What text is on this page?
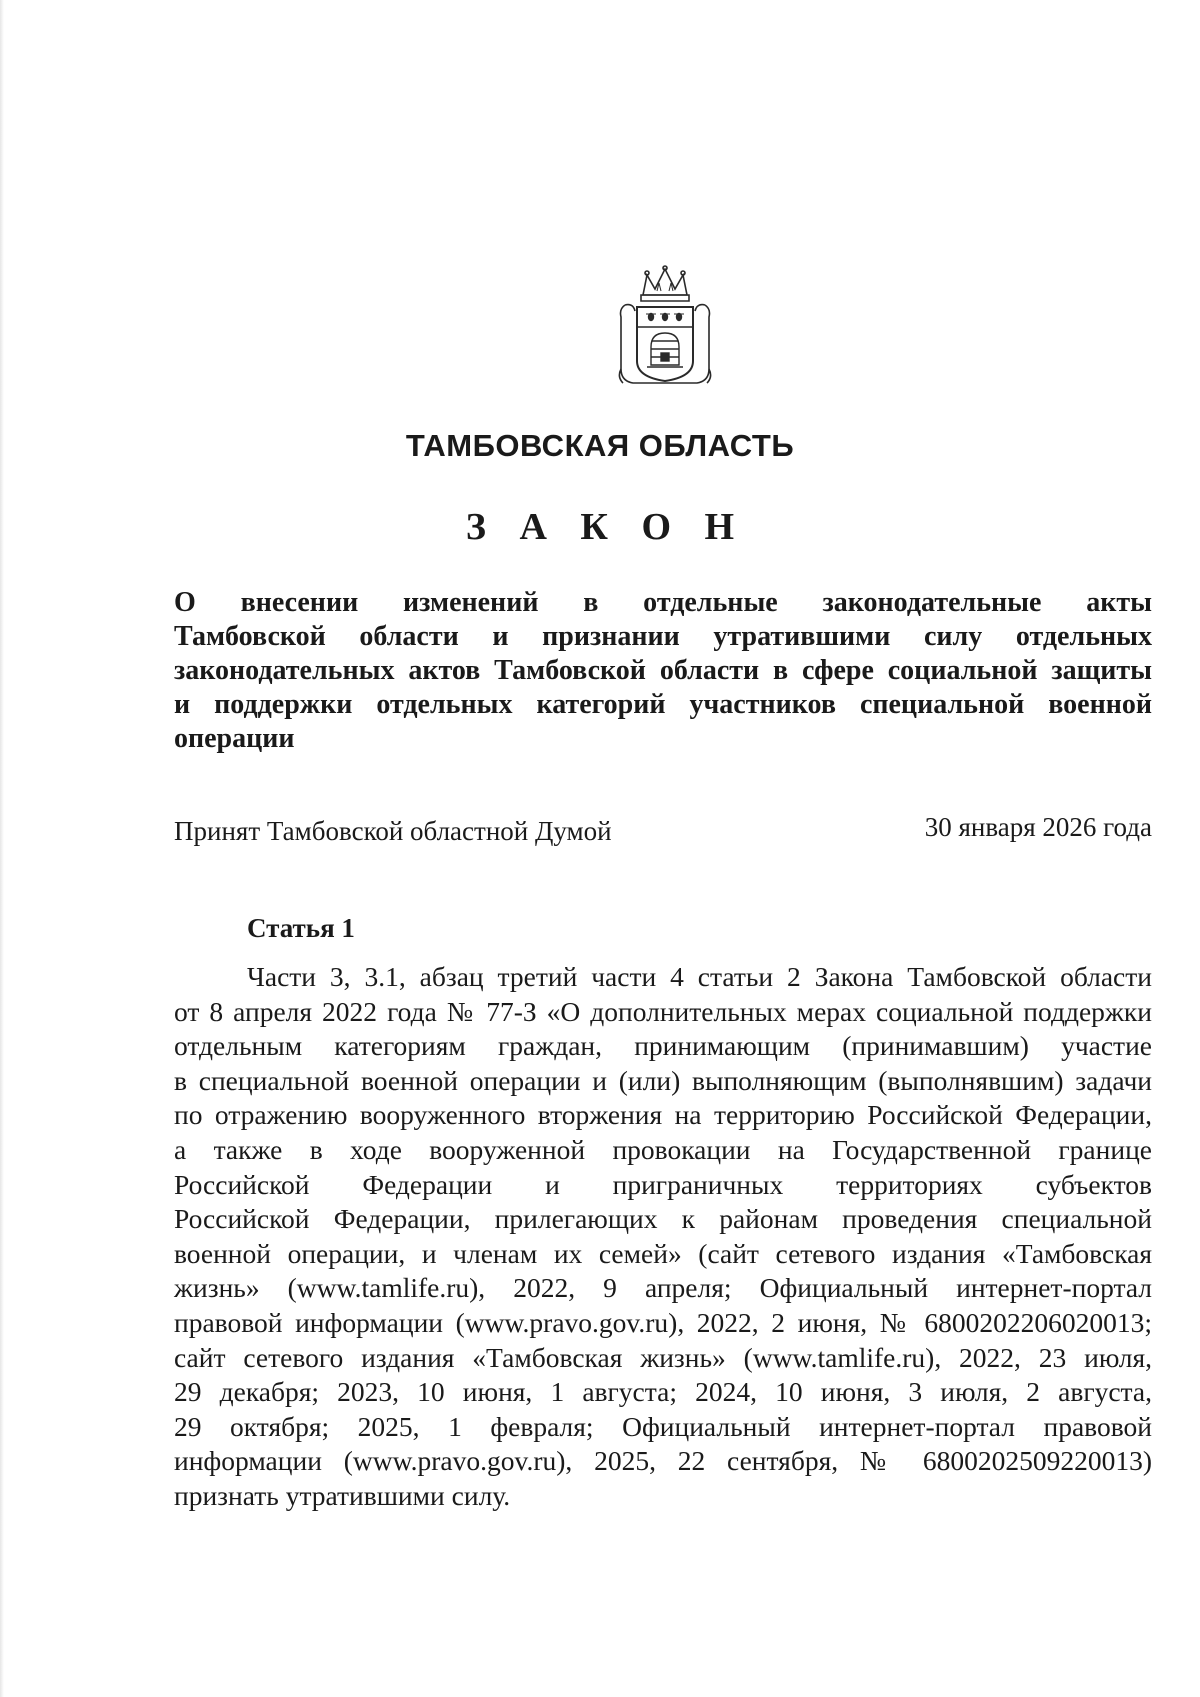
ТАМБОВСКАЯ ОБЛАСТЬ
З А К О Н
О внесении изменений в отдельные законодательные акты
Тамбовской области и признании утратившими силу отдельных
законодательных актов Тамбовской области в сфере социальной защиты
и поддержки отдельных категорий участников специальной военной
операции
Принят Тамбовской областной Думой	30 января 2026 года
Статья 1
Части 3, 3.1, абзац третий части 4 статьи 2 Закона Тамбовской области
от 8 апреля 2022 года № 77-З «О дополнительных мерах социальной поддержки
отдельным категориям граждан, принимающим (принимавшим) участие
в специальной военной операции и (или) выполняющим (выполнявшим) задачи
по отражению вооруженного вторжения на территорию Российской Федерации,
а также в ходе вооруженной провокации на Государственной границе
Российской Федерации и приграничных территориях субъектов
Российской Федерации, прилегающих к районам проведения специальной
военной операции, и членам их семей» (сайт сетевого издания «Тамбовская
жизнь» (www.tamlife.ru), 2022, 9 апреля; Официальный интернет-портал
правовой информации (www.pravo.gov.ru), 2022, 2 июня, № 6800202206020013;
сайт сетевого издания «Тамбовская жизнь» (www.tamlife.ru), 2022, 23 июля,
29 декабря; 2023, 10 июня, 1 августа; 2024, 10 июня, 3 июля, 2 августа,
29 октября; 2025, 1 февраля; Официальный интернет-портал правовой
информации (www.pravo.gov.ru), 2025, 22 сентября, № 6800202509220013)
признать утратившими силу.
